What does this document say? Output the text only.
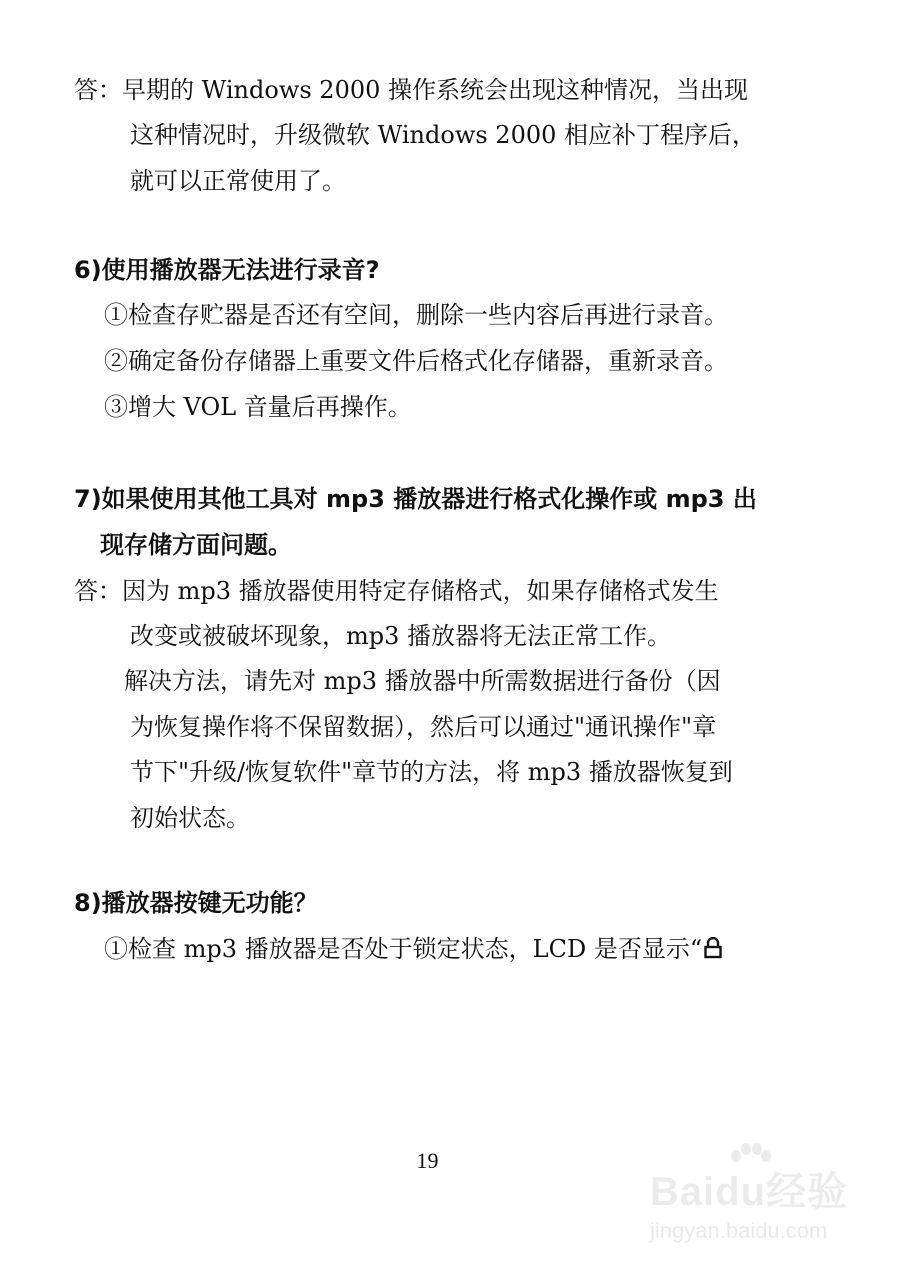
答：早期的 Windows 2000 操作系统会出现这种情况，当出现
这种情况时，升级微软 Windows 2000 相应补丁程序后，
就可以正常使用了。
6)使用播放器无法进行录音?
①检查存贮器是否还有空间，删除一些内容后再进行录音。
②确定备份存储器上重要文件后格式化存储器，重新录音。
③增大 VOL 音量后再操作。
7)如果使用其他工具对 mp3 播放器进行格式化操作或 mp3 出
现存储方面问题。
答：因为 mp3 播放器使用特定存储格式，如果存储格式发生
改变或被破坏现象，mp3 播放器将无法正常工作。
解决方法，请先对 mp3 播放器中所需数据进行备份（因
为恢复操作将不保留数据），然后可以通过"通讯操作"章
节下"升级/恢复软件"章节的方法，将 mp3 播放器恢复到
初始状态。
8)播放器按键无功能？
①检查 mp3 播放器是否处于锁定状态，LCD 是否显示“
19
Baidu经验
jingyan.baidu.com
